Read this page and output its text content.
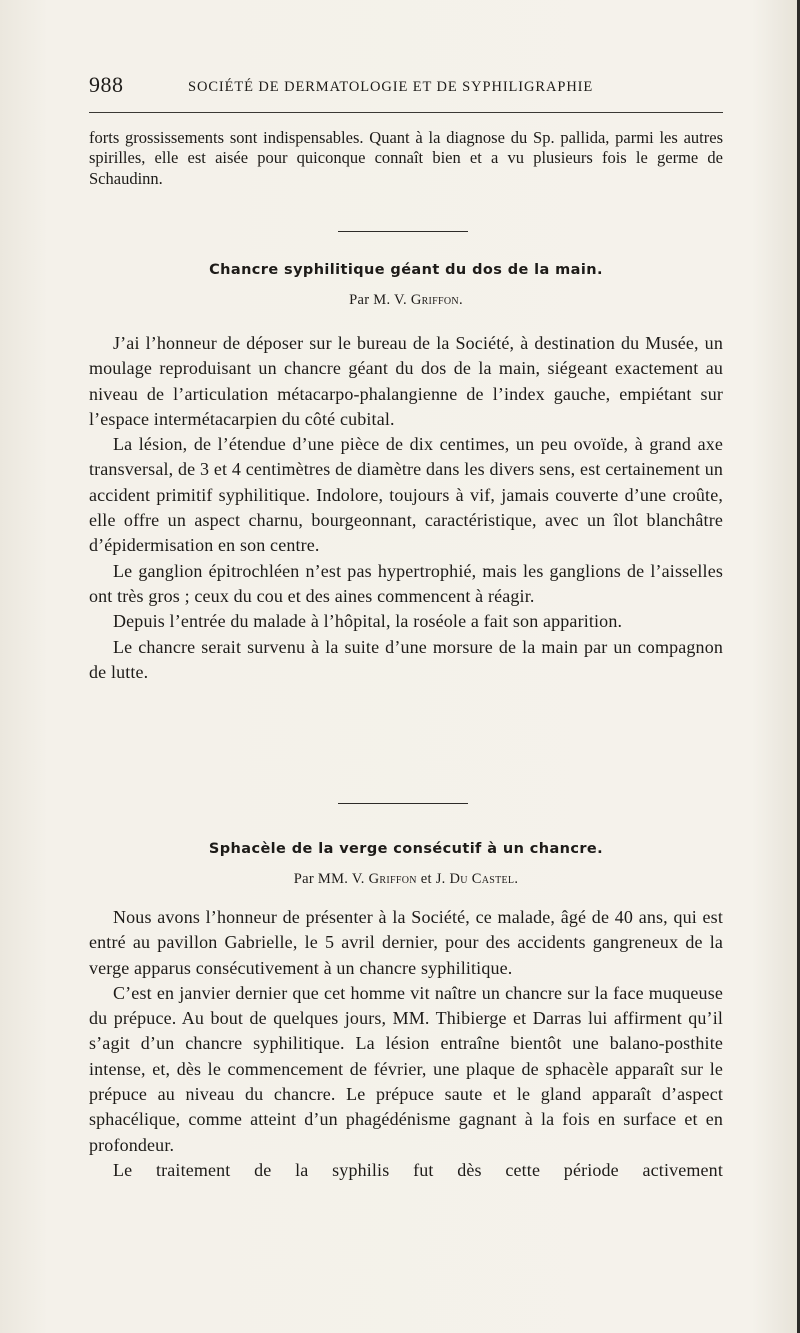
988	SOCIÉTÉ DE DERMATOLOGIE ET DE SYPHILIGRAPHIE

forts grossissements sont indispensables. Quant à la diagnose du Sp. pallida, parmi les autres spirilles, elle est aisée pour quiconque connaît bien et a vu plusieurs fois le germe de Schaudinn.

Chancre syphilitique géant du dos de la main.
Par M. V. Griffon.

J’ai l’honneur de déposer sur le bureau de la Société, à destination du Musée, un moulage reproduisant un chancre géant du dos de la main, siégeant exactement au niveau de l’articulation métacarpo-phalangienne de l’index gauche, empiétant sur l’espace intermétacarpien du côté cubital.

La lésion, de l’étendue d’une pièce de dix centimes, un peu ovoïde, à grand axe transversal, de 3 et 4 centimètres de diamètre dans les divers sens, est certainement un accident primitif syphilitique. Indolore, toujours à vif, jamais couverte d’une croûte, elle offre un aspect charnu, bourgeonnant, caractéristique, avec un îlot blanchâtre d’épidermisation en son centre.

Le ganglion épitrochléen n’est pas hypertrophié, mais les ganglions de l’aisselles ont très gros ; ceux du cou et des aines commencent à réagir.

Depuis l’entrée du malade à l’hôpital, la roséole a fait son apparition.

Le chancre serait survenu à la suite d’une morsure de la main par un compagnon de lutte.

Sphacèle de la verge consécutif à un chancre.
Par MM. V. Griffon et J. Du Castel.

Nous avons l’honneur de présenter à la Société, ce malade, âgé de 40 ans, qui est entré au pavillon Gabrielle, le 5 avril dernier, pour des accidents gangreneux de la verge apparus consécutivement à un chancre syphilitique.

C’est en janvier dernier que cet homme vit naître un chancre sur la face muqueuse du prépuce. Au bout de quelques jours, MM. Thibierge et Darras lui affirment qu’il s’agit d’un chancre syphilitique. La lésion entraîne bientôt une balano-posthite intense, et, dès le commencement de février, une plaque de sphacèle apparaît sur le prépuce au niveau du chancre. Le prépuce saute et le gland apparaît d’aspect sphacélique, comme atteint d’un phagédénisme gagnant à la fois en surface et en profondeur.

Le traitement de la syphilis fut dès cette période activement
